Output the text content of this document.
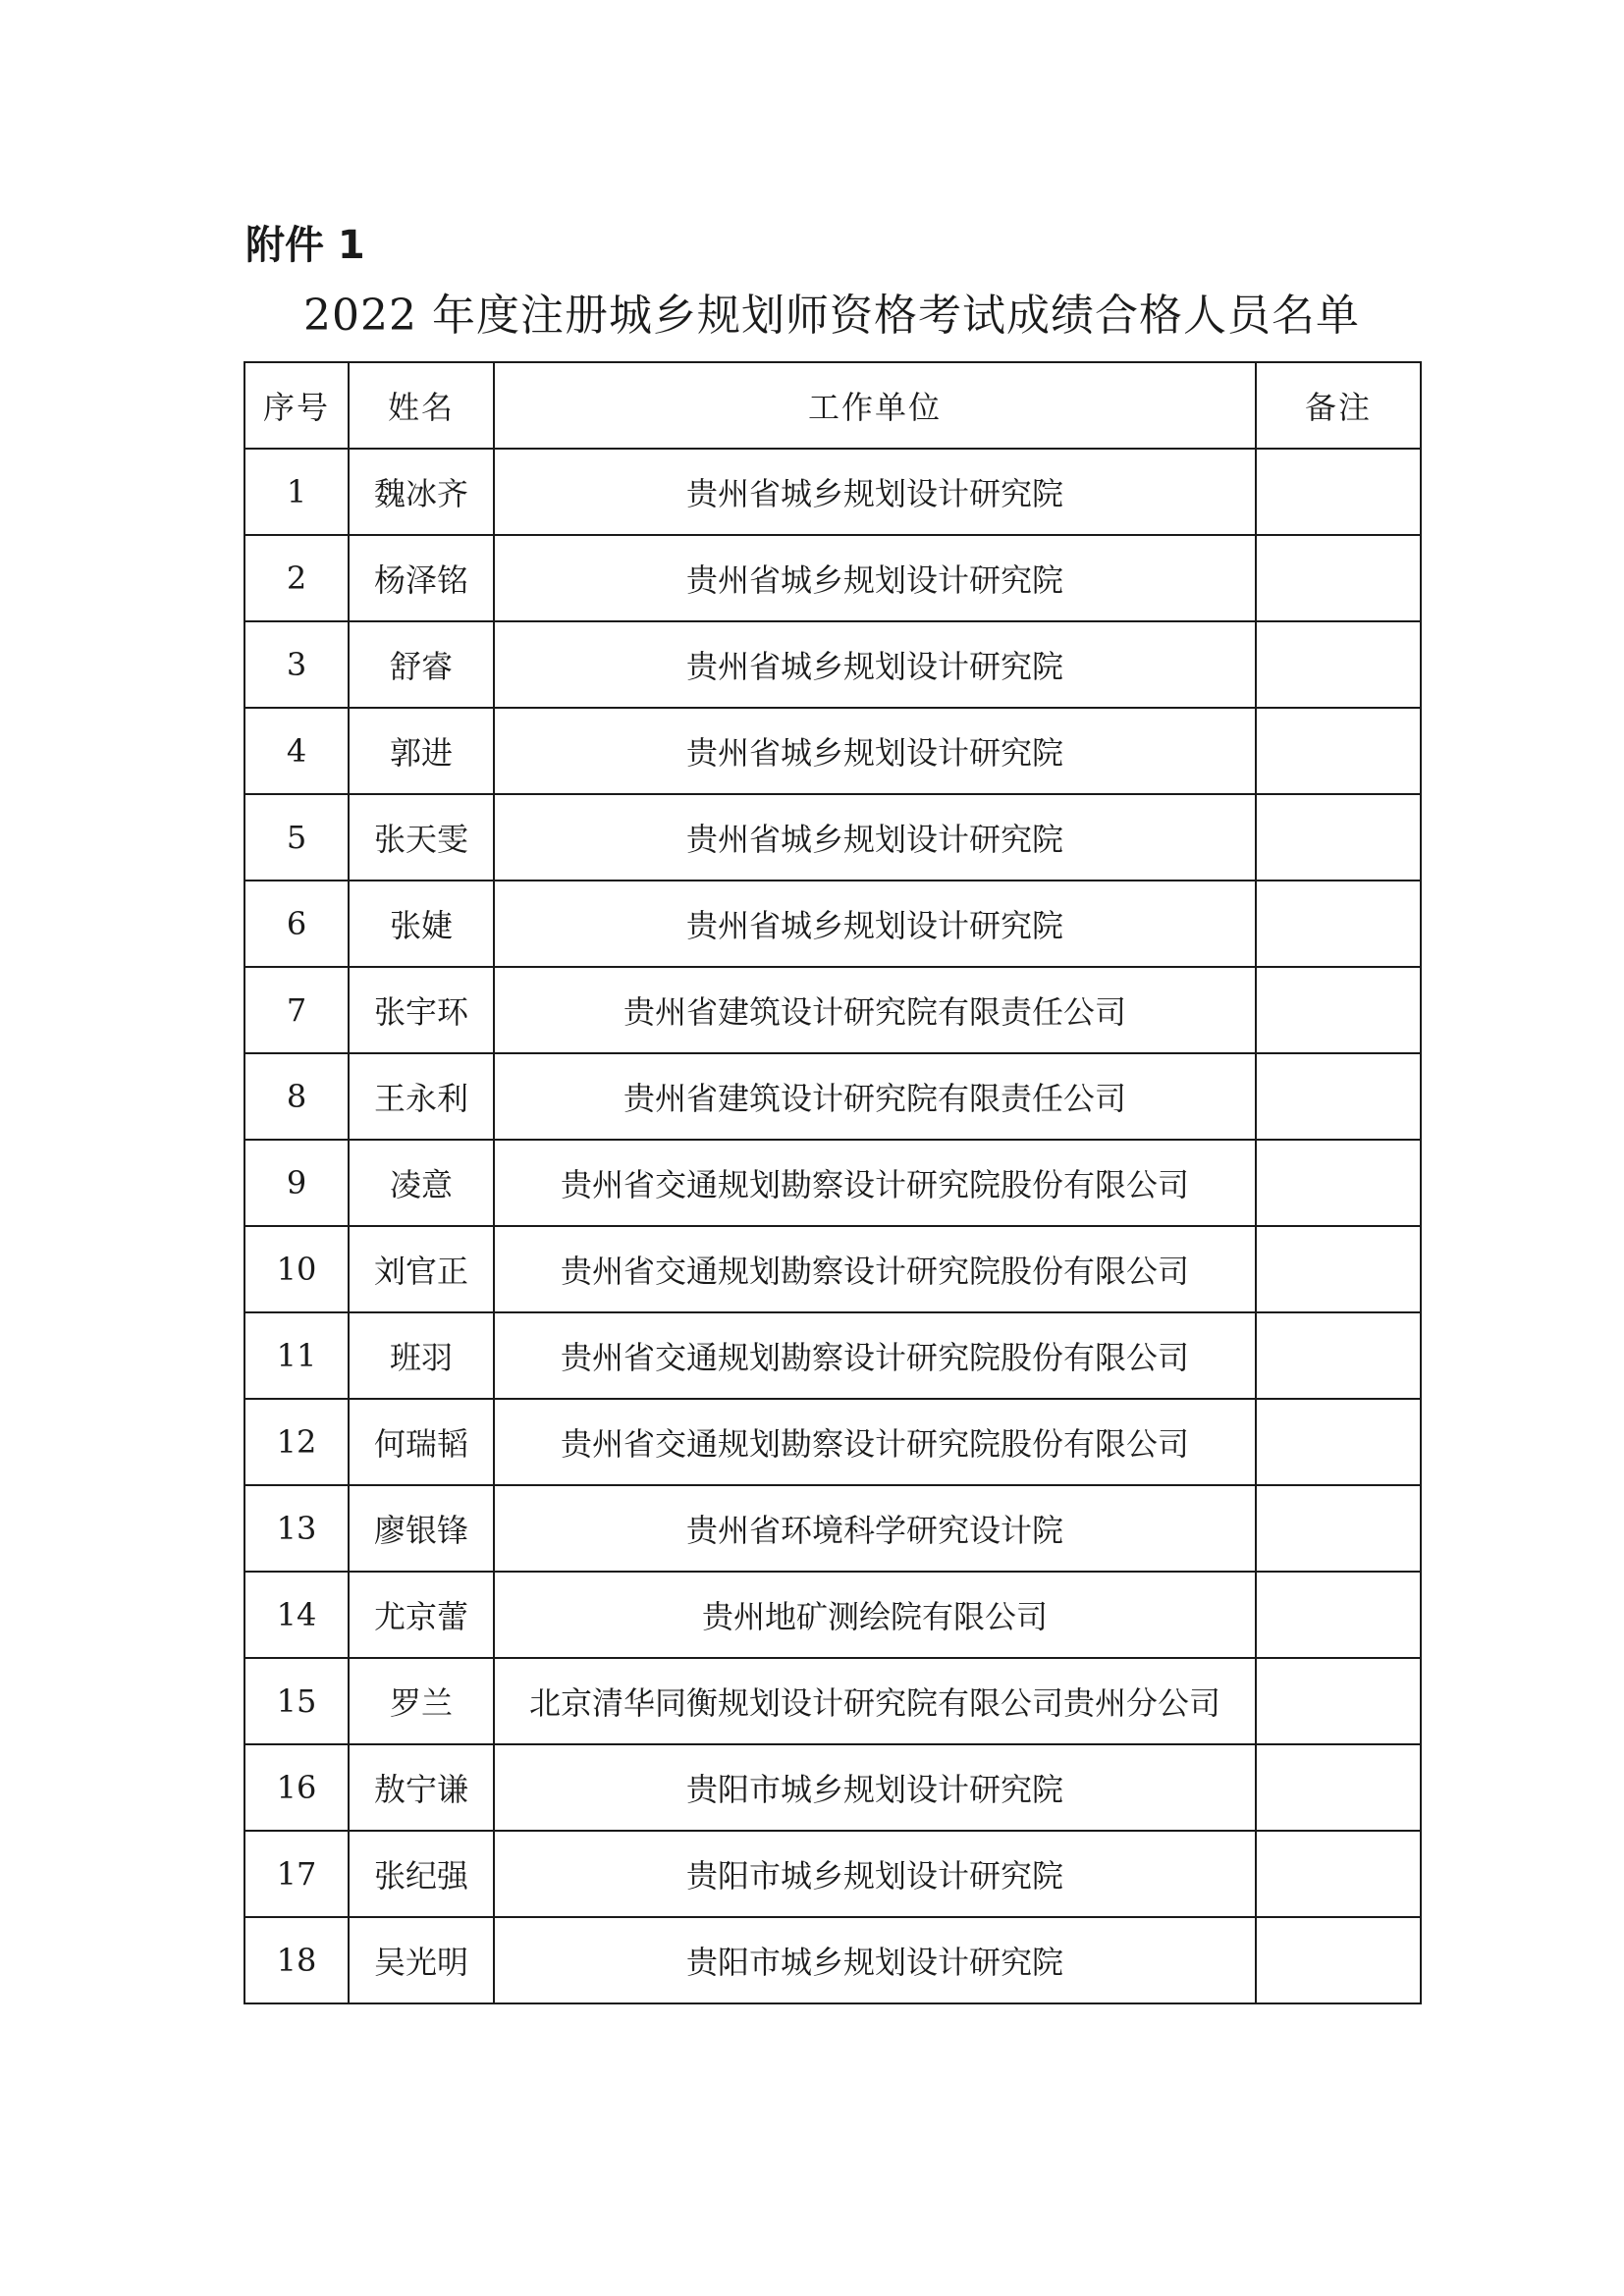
附件 1
2022 年度注册城乡规划师资格考试成绩合格人员名单
序号	姓名	工作单位	备注
1	魏冰齐	贵州省城乡规划设计研究院	
2	杨泽铭	贵州省城乡规划设计研究院	
3	舒睿	贵州省城乡规划设计研究院	
4	郭进	贵州省城乡规划设计研究院	
5	张天雯	贵州省城乡规划设计研究院	
6	张婕	贵州省城乡规划设计研究院	
7	张宇环	贵州省建筑设计研究院有限责任公司	
8	王永利	贵州省建筑设计研究院有限责任公司	
9	凌意	贵州省交通规划勘察设计研究院股份有限公司	
10	刘官正	贵州省交通规划勘察设计研究院股份有限公司	
11	班羽	贵州省交通规划勘察设计研究院股份有限公司	
12	何瑞韬	贵州省交通规划勘察设计研究院股份有限公司	
13	廖银锋	贵州省环境科学研究设计院	
14	尤京蕾	贵州地矿测绘院有限公司	
15	罗兰	北京清华同衡规划设计研究院有限公司贵州分公司	
16	敖宁谦	贵阳市城乡规划设计研究院	
17	张纪强	贵阳市城乡规划设计研究院	
18	吴光明	贵阳市城乡规划设计研究院	
